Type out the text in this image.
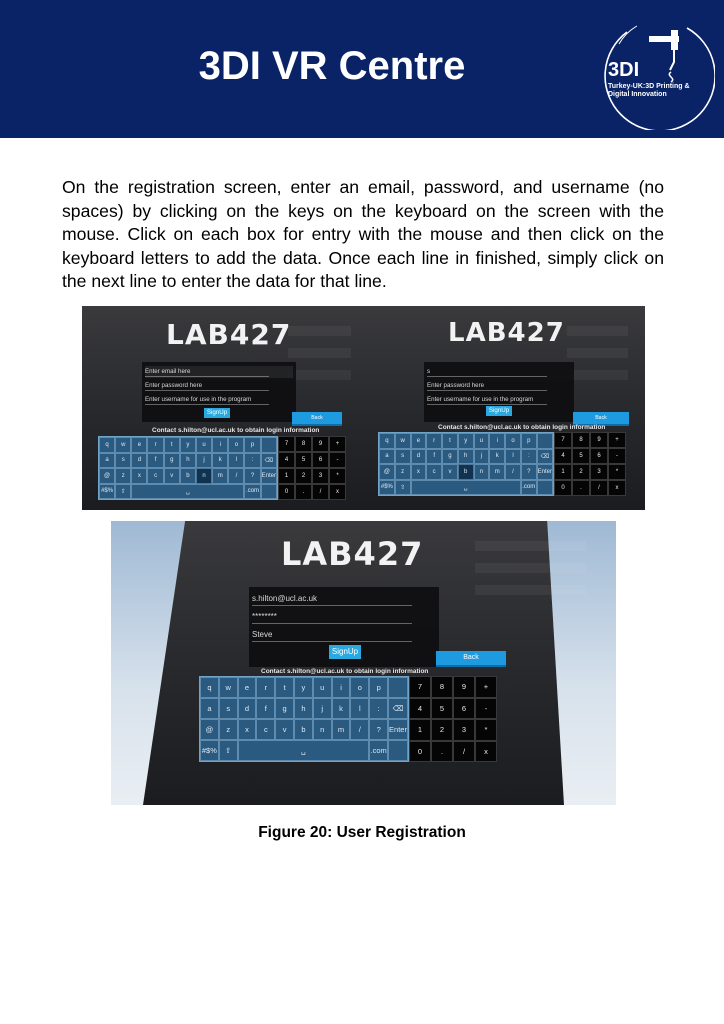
3DI VR Centre	3DI
Turkey-UK:3D Printing & Digital Innovation

On the registration screen, enter an email, password, and username (no spaces) by clicking on the keys on the keyboard on the screen with the mouse. Click on each box for entry with the mouse and then click on the keyboard letters to add the data. Once each line in finished, simply click on the next line to enter the data for that line.

LAB427
Enter email here
Enter password here
Enter username for use in the program
SignUp
Back
Contact s.hilton@ucl.ac.uk to obtain login information
q	w	e	r	t	y	u	i	o	p
a	s	d	f	g	h	j	k	l	:	⌫
@	z	x	c	v	b	n	m	/	?	Enter
#$%	⇧	␣	.com
7	8	9	+
4	5	6	-
1	2	3	*
0	.	/	x
LAB427
s
Enter password here
Enter username for use in the program
SignUp
Back
Contact s.hilton@ucl.ac.uk to obtain login information
q	w	e	r	t	y	u	i	o	p
a	s	d	f	g	h	j	k	l	:	⌫
@	z	x	c	v	b	n	m	/	?	Enter
#$%	⇧	␣	.com
7	8	9	+
4	5	6	-
1	2	3	*
0	.	/	x
LAB427
s.hilton@ucl.ac.uk
********
Steve
SignUp
Back
Contact s.hilton@ucl.ac.uk to obtain login information
q	w	e	r	t	y	u	i	o	p
a	s	d	f	g	h	j	k	l	:	⌫
@	z	x	c	v	b	n	m	/	?	Enter
#$% ⇧	␣	.com
7	8	9	+
4	5	6	-
1	2	3	*
0	.	/	x

Figure 20: User Registration
